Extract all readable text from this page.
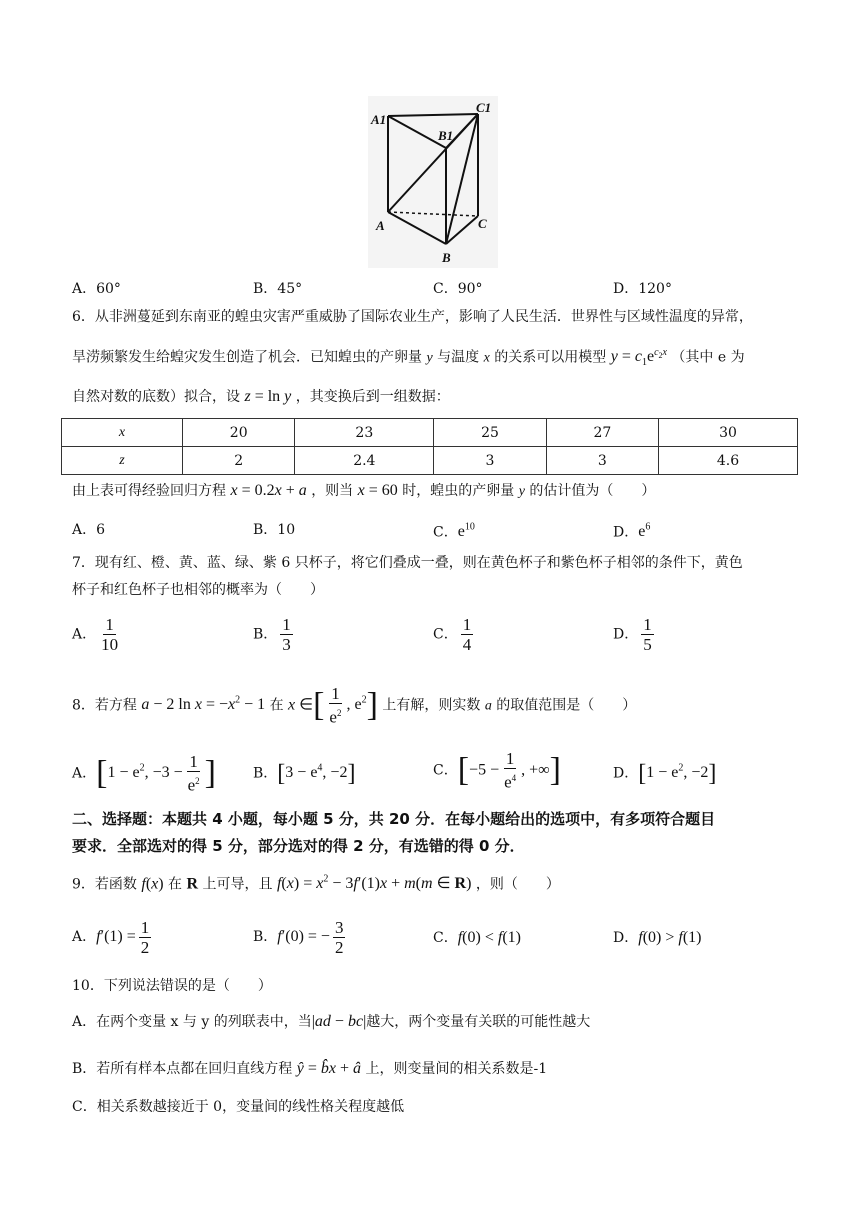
A1
B1
C1
A
B
C
A．60°	B．45°	C．90°	D．120°
6．从非洲蔓延到东南亚的蝗虫灾害严重威胁了国际农业生产，影响了人民生活．世界性与区域性温度的异常，
旱涝频繁发生给蝗灾发生创造了机会．已知蝗虫的产卵量 y 与温度 x 的关系可以用模型 $y = c_1e^{c_2x}$ （其中 e 为
自然对数的底数）拟合，设 z = ln y ，其变换后到一组数据：
x	20	23	25	27	30
z	2	2.4	3	3	4.6
由上表可得经验回归方程 x = 0.2x + a ，则当 x = 60 时，蝗虫的产卵量 y 的估计值为（　　）
A．6	B．10	C．$e^{10}$	D．$e^6$
7．现有红、橙、黄、蓝、绿、紫 6 只杯子，将它们叠成一叠，则在黄色杯子和紫色杯子相邻的条件下，黄色
杯子和红色杯子也相邻的概率为（　　）
A． $\frac{1}{10}$	B． $\frac{1}{3}$	C． $\frac{1}{4}$	D． $\frac{1}{5}$
8．若方程 a − 2 $\ln x = -x^2 - 1$ 在 x ∈[ $\frac{1}{e^2}$ , $e^2$] 上有解，则实数 a 的取值范围是（　　）
A．[$1 - e^2$, $-3 - \frac{1}{e^2}$ ]	B．[$3 - e^4$, −2]	C．[$-5 - \frac{1}{e^4}$ , +∞]	D．[$1 - e^2$, −2]
二、选择题：本题共 4 小题，每小题 5 分，共 20 分．在每小题给出的选项中，有多项符合题目
要求．全部选对的得 5 分，部分选对的得 2 分，有选错的得 0 分．
9．若函数 f(x) 在 R 上可导，且 $f(x) = x^2 - 3f'(1)x + m(m$ ∈ R) ，则（　　）
A．$f'(1) = \frac{1}{2}$	B．f′(0) = − $\frac{3}{2}$	C．f(0) < f(1)	D．f(0) > f(1)
10．下列说法错误的是（　　）
A．在两个变量 x 与 y 的列联表中，当|ad − bc|越大，两个变量有关联的可能性越大
B．若所有样本点都在回归直线方程 ŷ = b̂x + â 上，则变量间的相关系数是-1
C．相关系数越接近于 0，变量间的线性格关程度越低
